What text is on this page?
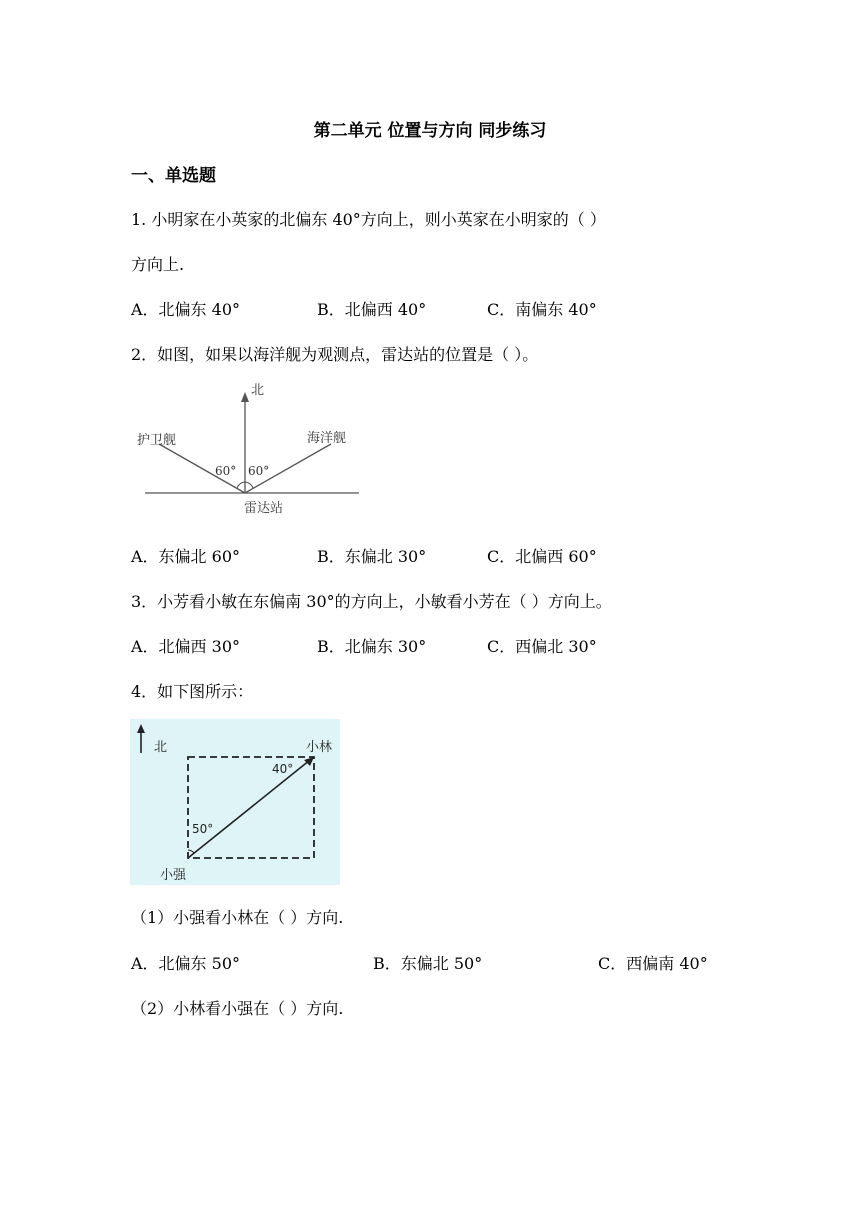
第二单元 位置与方向 同步练习
一、单选题
1. 小明家在小英家的北偏东 40°方向上，则小英家在小明家的（ ）
方向上.
A．北偏东 40°	B．北偏西 40°	C．南偏东 40°
2．如图，如果以海洋舰为观测点，雷达站的位置是（ ）。
北
护卫舰	海洋舰
60° 60°
雷达站
A．东偏北 60°	B．东偏北 30°	C．北偏西 60°
3．小芳看小敏在东偏南 30°的方向上，小敏看小芳在（ ）方向上。
A．北偏西 30°	B．北偏东 30°	C．西偏北 30°
4．如下图所示：
北	小林
小强
40°
50°
（1）小强看小林在（ ）方向.
A．北偏东 50°	B．东偏北 50°	C．西偏南 40°
（2）小林看小强在（ ）方向.
